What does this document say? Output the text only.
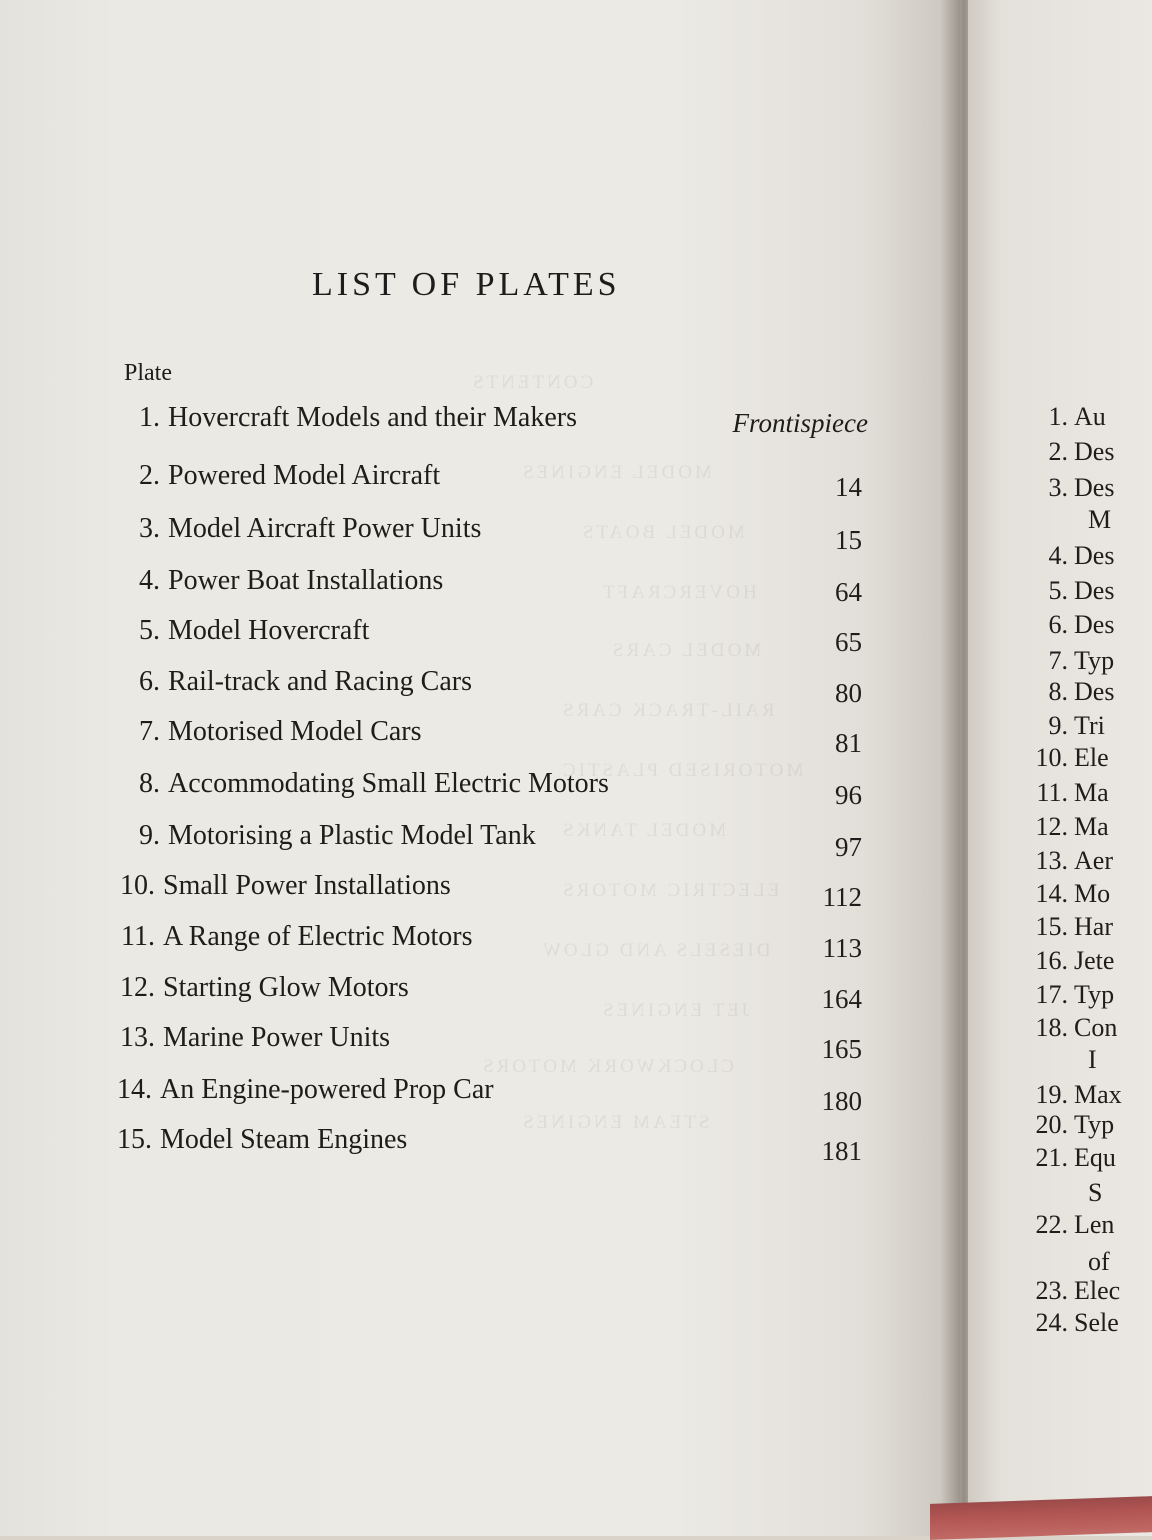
CONTENTS
MODEL ENGINES
MODEL BOATS
HOVERCRAFT
MODEL CARS
RAIL-TRACK CARS
MOTORISED PLASTIC
MODEL TANKS
ELECTRIC MOTORS
DIESELS AND GLOW
JET ENGINES
CLOCKWORK MOTORS
STEAM ENGINES
LIST OF PLATES
Plate
1. Hovercraft Models and their Makers	Frontispiece
2. Powered Model Aircraft	14
3. Model Aircraft Power Units	15
4. Power Boat Installations	64
5. Model Hovercraft	65
6. Rail-track and Racing Cars	80
7. Motorised Model Cars	81
8. Accommodating Small Electric Motors	96
9. Motorising a Plastic Model Tank	97
10. Small Power Installations	112
11. A Range of Electric Motors	113
12. Starting Glow Motors	164
13. Marine Power Units	165
14. An Engine-powered Prop Car	180
15. Model Steam Engines	181
1. Au
2. Des
3. Des
M
4. Des
5. Des
6. Des
7. Typ
8. Des
9. Tri
10. Ele
11. Ma
12. Ma
13. Aer
14. Mo
15. Har
16. Jete
17. Typ
18. Con
I
19. Max
20. Typ
21. Equ
S
22. Len
of
23. Elec
24. Sele
